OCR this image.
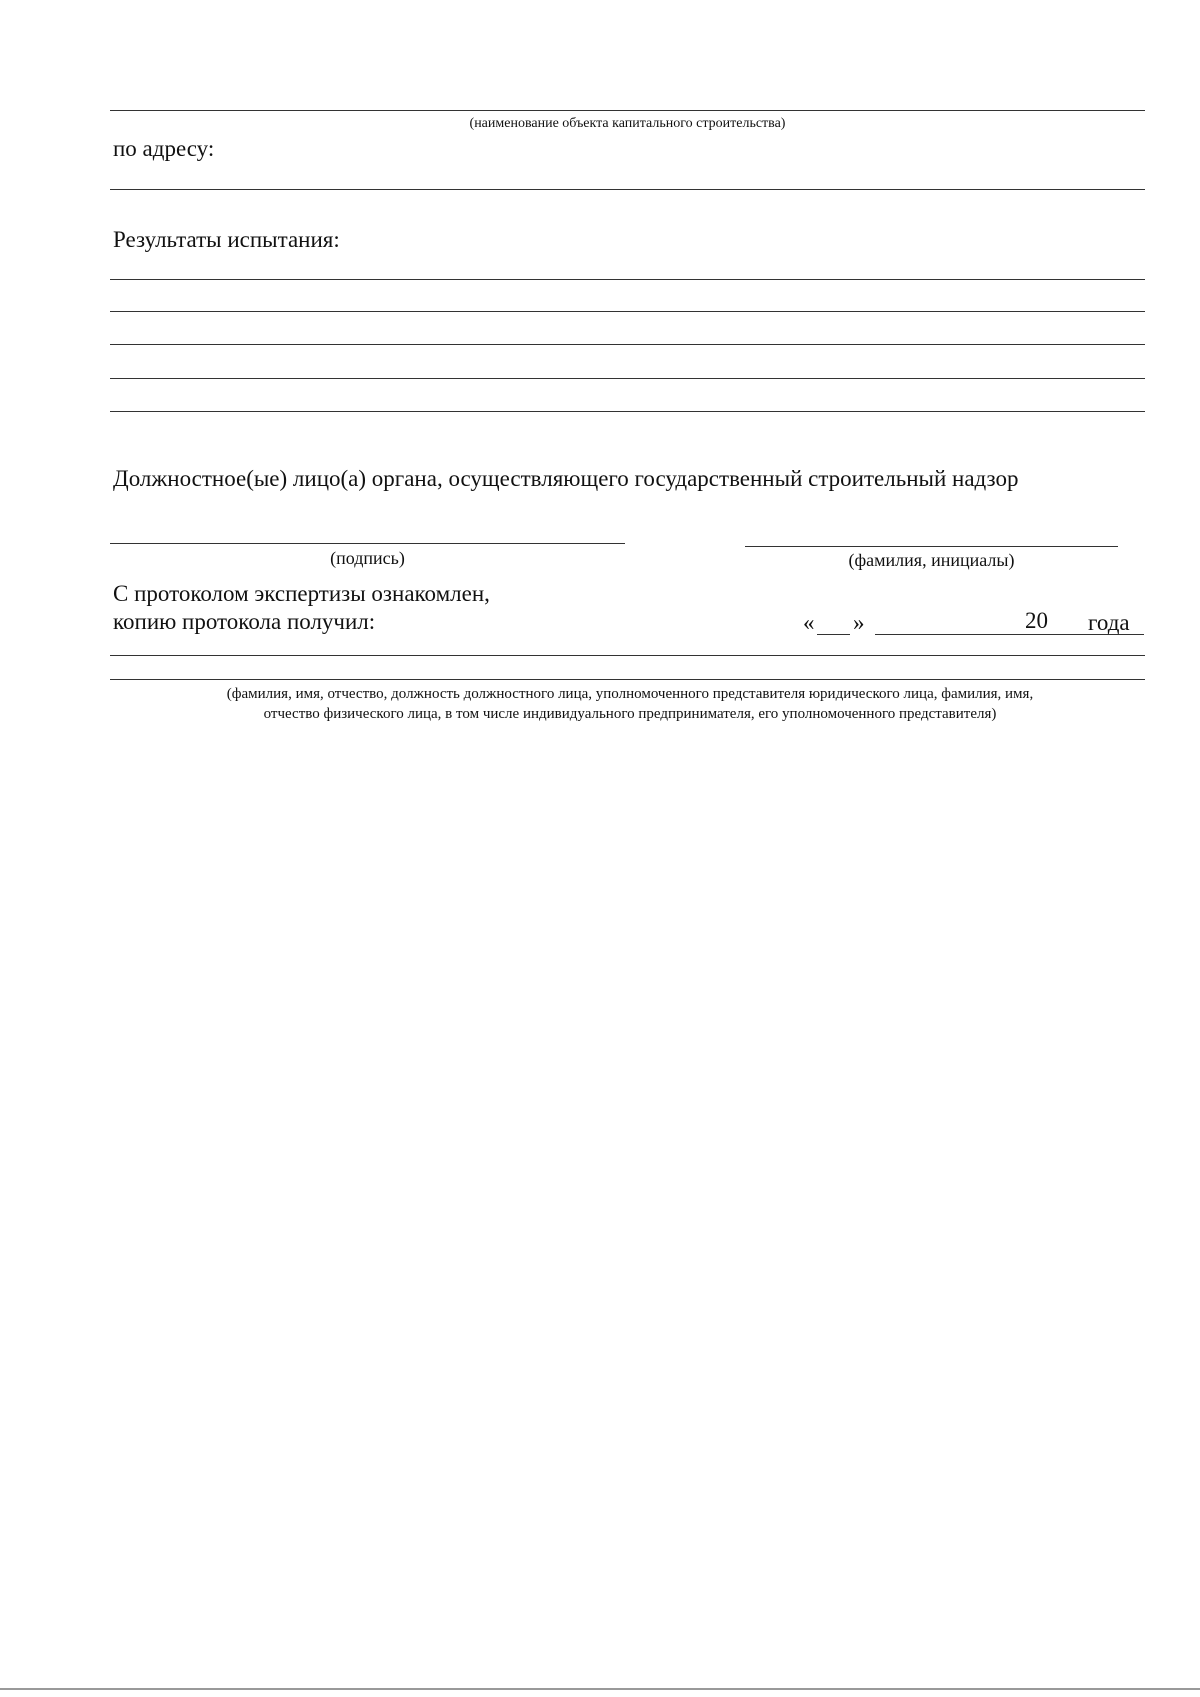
(наименование объекта капитального строительства)
по адресу:
Результаты испытания:
Должностное(ые) лицо(а) органа, осуществляющего государственный строительный надзор
(подпись)	(фамилия, инициалы)
С протоколом экспертизы ознакомлен,
копию протокола получил:	« »	20 года
(фамилия, имя, отчество, должность должностного лица, уполномоченного представителя юридического лица, фамилия, имя,
отчество физического лица, в том числе индивидуального предпринимателя, его уполномоченного представителя)
